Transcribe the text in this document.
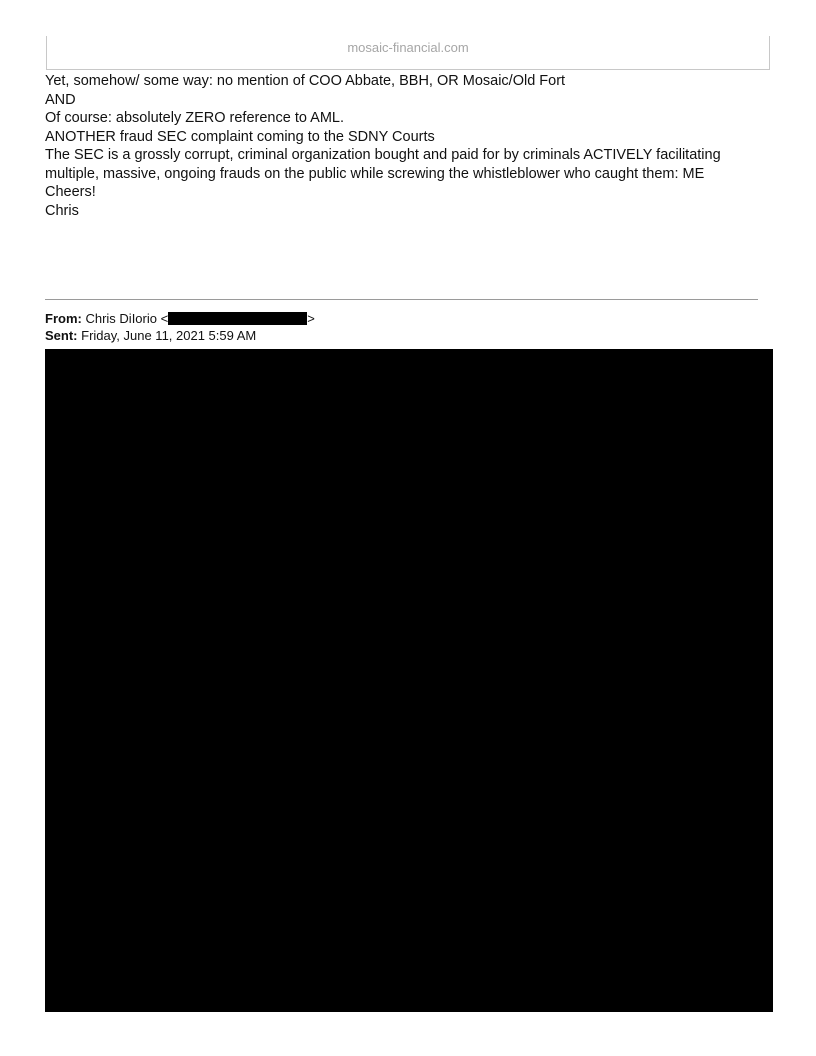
mosaic-financial.com

Yet, somehow/ some way: no mention of COO Abbate, BBH, OR Mosaic/Old Fort

AND

Of course: absolutely ZERO reference to AML.

ANOTHER fraud SEC complaint coming to the SDNY Courts

The SEC is a grossly corrupt, criminal organization bought and paid for by criminals ACTIVELY facilitating multiple, massive, ongoing frauds on the public while screwing the whistleblower who caught them: ME

Cheers!

Chris

From: Chris DiIorio <	>
Sent: Friday, June 11, 2021 5:59 AM
